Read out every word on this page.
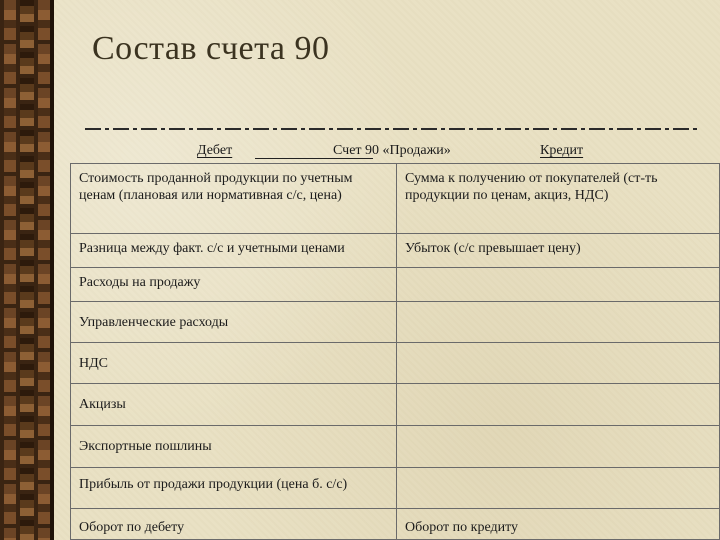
Состав счета 90
Дебет	Счет 90 «Продажи»	Кредит
Стоимость проданной продукции по учетным ценам (плановая или нормативная с/с, цена)	Сумма к получению от покупателей (ст-ть продукции по ценам, акциз, НДС)
Разница между факт. с/с и учетными ценами	Убыток (с/с превышает цену)
Расходы на продажу	
Управленческие расходы	
НДС	
Акцизы	
Экспортные пошлины	
Прибыль от продажи продукции (цена б. с/с)	
Оборот по дебету	Оборот по кредиту
